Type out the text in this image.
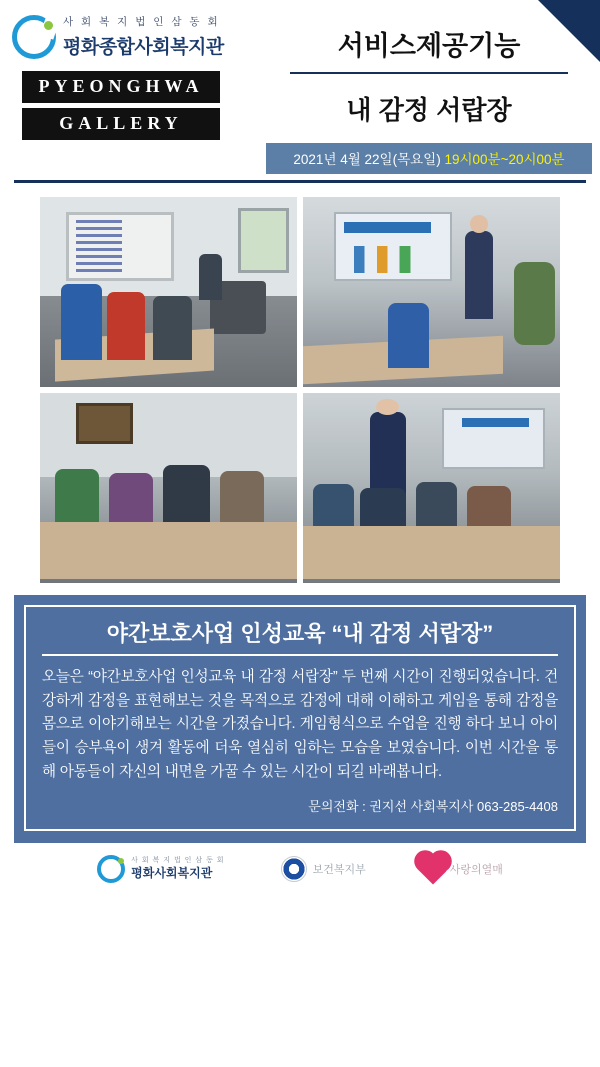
사 회 복 지 법 인 삼 동 회
평화종합사회복지관
PYEONGHWA
GALLERY
서비스제공기능
내 감정 서랍장
2021년 4월 22일(목요일) 19시00분~20시00분
야간보호사업 인성교육 “내 감정 서랍장”
오늘은 “야간보호사업 인성교육 내 감정 서랍장” 두 번째 시간이 진행되었습니다. 건강하게 감정을 표현해보는 것을 목적으로 감정에 대해 이해하고 게임을 통해 감정을 몸으로 이야기해보는 시간을 가졌습니다. 게임형식으로 수업을 진행 하다 보니 아이들이 승부욕이 생겨 활동에 더욱 열심히 임하는 모습을 보였습니다. 이번 시간을 통해 아동들이 자신의 내면을 가꿀 수 있는 시간이 되길 바래봅니다.
문의전화 : 권지선 사회복지사 063-285-4408
사 회 복 지 법 인 삼 동 회
평화사회복지관	보건복지부	사랑의열매
